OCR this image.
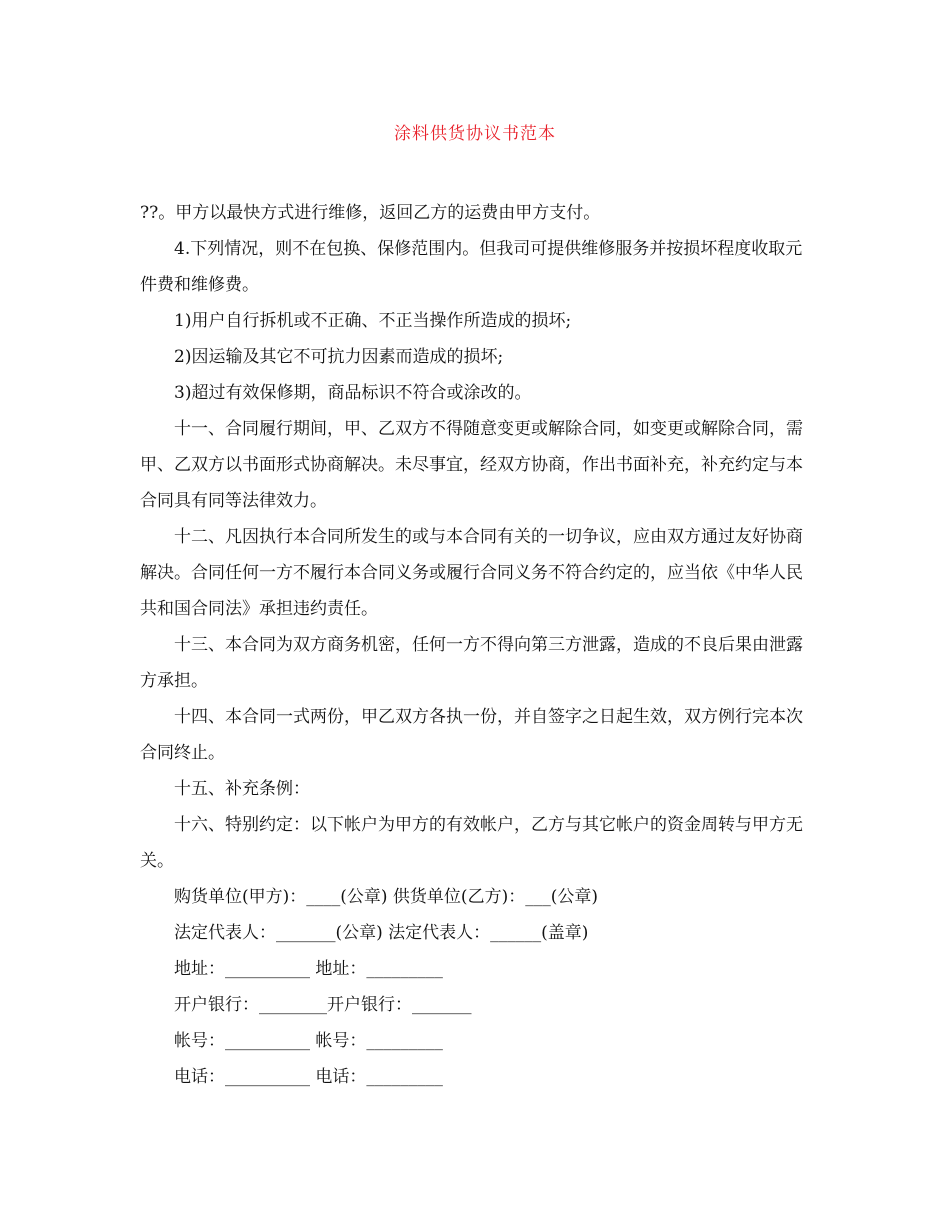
涂料供货协议书范本

??。甲方以最快方式进行维修，返回乙方的运费由甲方支付。

4.下列情况，则不在包换、保修范围内。但我司可提供维修服务并按损坏程度收取元件费和维修费。

1)用户自行拆机或不正确、不正当操作所造成的损坏;

2)因运输及其它不可抗力因素而造成的损坏;

3)超过有效保修期，商品标识不符合或涂改的。

十一、合同履行期间，甲、乙双方不得随意变更或解除合同，如变更或解除合同，需甲、乙双方以书面形式协商解决。未尽事宜，经双方协商，作出书面补充，补充约定与本合同具有同等法律效力。

十二、凡因执行本合同所发生的或与本合同有关的一切争议，应由双方通过友好协商解决。合同任何一方不履行本合同义务或履行合同义务不符合约定的，应当依《中华人民共和国合同法》承担违约责任。

十三、本合同为双方商务机密，任何一方不得向第三方泄露，造成的不良后果由泄露方承担。

十四、本合同一式两份，甲乙双方各执一份，并自签字之日起生效，双方例行完本次合同终止。

十五、补充条例：

十六、特别约定：以下帐户为甲方的有效帐户，乙方与其它帐户的资金周转与甲方无关。

购货单位(甲方)：____(公章) 供货单位(乙方)：___(公章)

法定代表人：_______(公章) 法定代表人：______(盖章)

地址：__________ 地址：_________

开户银行：________开户银行：_______

帐号：__________ 帐号：_________

电话：__________ 电话：_________
